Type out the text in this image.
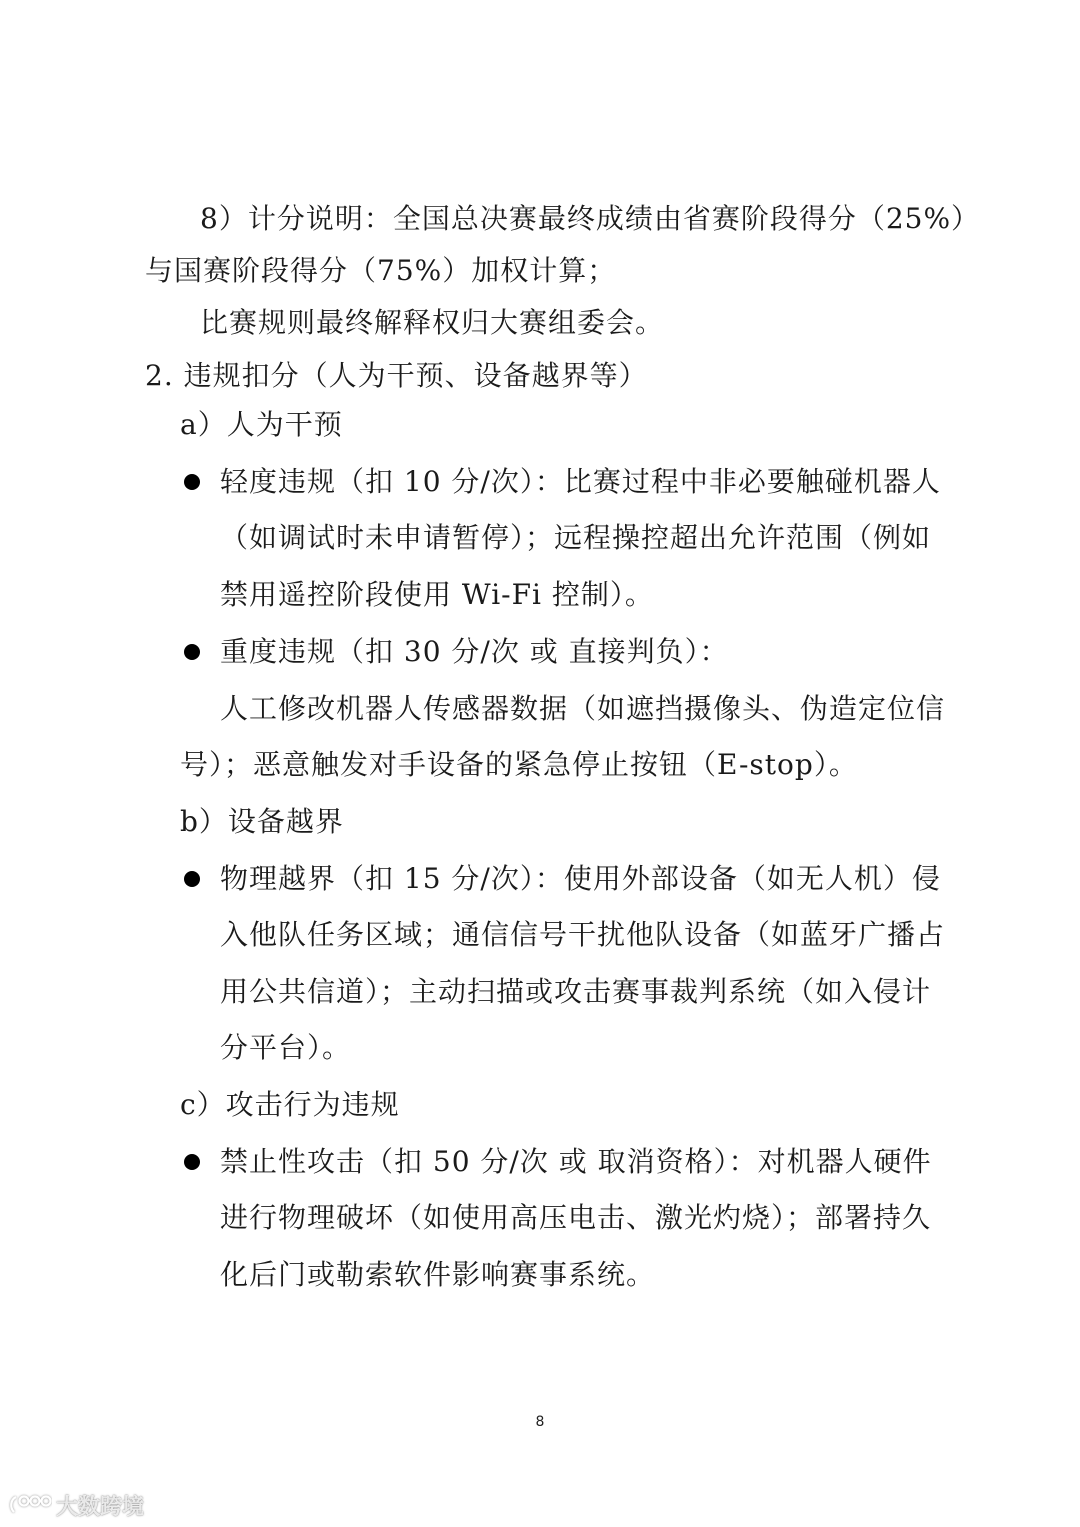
8）计分说明：全国总决赛最终成绩由省赛阶段得分（25%）
与国赛阶段得分（75%）加权计算；
比赛规则最终解释权归大赛组委会。
2. 违规扣分（人为干预、设备越界等）
a）人为干预
轻度违规（扣 10 分/次）：比赛过程中非必要触碰机器人
（如调试时未申请暂停）；远程操控超出允许范围（例如
禁用遥控阶段使用 Wi-Fi 控制）。
重度违规（扣 30 分/次 或 直接判负）：
人工修改机器人传感器数据（如遮挡摄像头、伪造定位信
号）；恶意触发对手设备的紧急停止按钮（E-stop）。
b）设备越界
物理越界（扣 15 分/次）：使用外部设备（如无人机）侵
入他队任务区域；通信信号干扰他队设备（如蓝牙广播占
用公共信道）；主动扫描或攻击赛事裁判系统（如入侵计
分平台）。
c）攻击行为违规
禁止性攻击（扣 50 分/次 或 取消资格）：对机器人硬件
进行物理破坏（如使用高压电击、激光灼烧）；部署持久
化后门或勒索软件影响赛事系统。
8
大数跨境
